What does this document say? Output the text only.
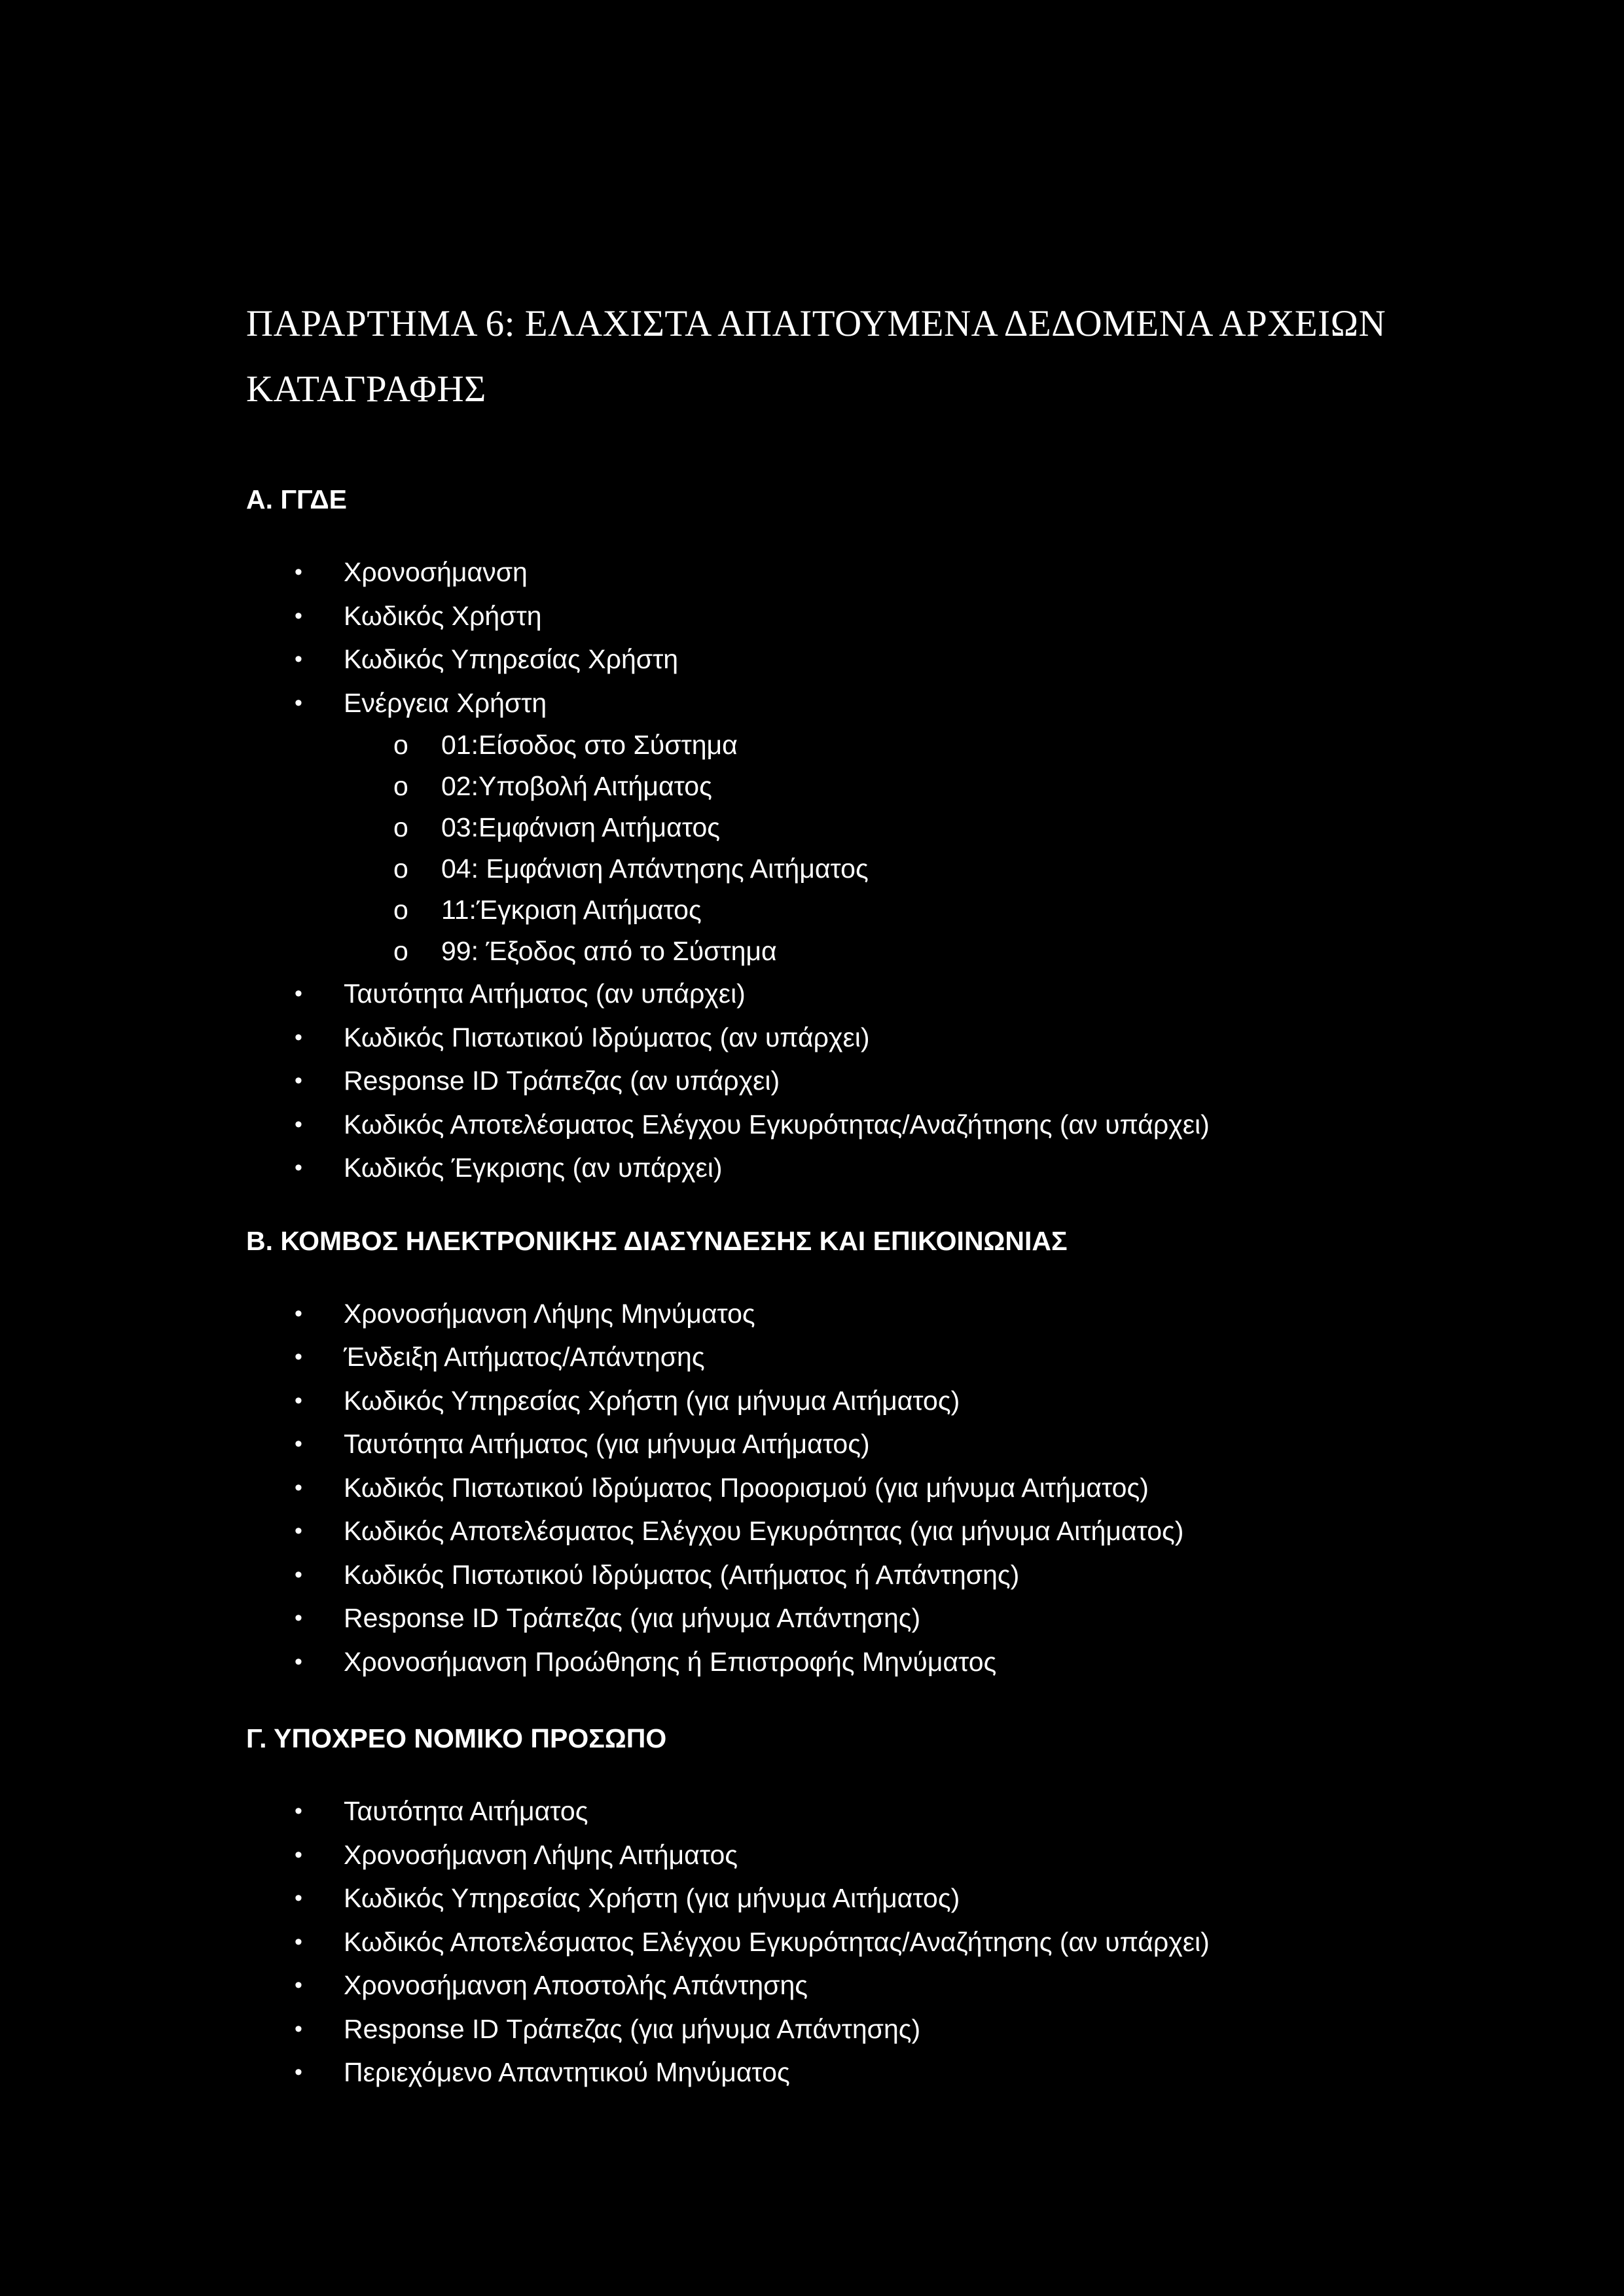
ΠΑΡΑΡΤΗΜΑ 6: ΕΛΑΧΙΣΤΑ ΑΠΑΙΤΟΥΜΕΝΑ ΔΕΔΟΜΕΝΑ ΑΡΧΕΙΩΝ
ΚΑΤΑΓΡΑΦΗΣ
Α. ΓΓΔΕ
• Χρονοσήμανση
• Κωδικός Χρήστη
• Κωδικός Υπηρεσίας Χρήστη
• Ενέργεια Χρήστη
o 01:Είσοδος στο Σύστημα
o 02:Υποβολή Αιτήματος
o 03:Εμφάνιση Αιτήματος
o 04: Εμφάνιση Απάντησης Αιτήματος
o 11:Έγκριση Αιτήματος
o 99: Έξοδος από το Σύστημα
• Ταυτότητα Αιτήματος (αν υπάρχει)
• Κωδικός Πιστωτικού Ιδρύματος (αν υπάρχει)
• Response ID Τράπεζας (αν υπάρχει)
• Κωδικός Αποτελέσματος Ελέγχου Εγκυρότητας/Αναζήτησης (αν υπάρχει)
• Κωδικός Έγκρισης (αν υπάρχει)
Β. ΚΟΜΒΟΣ ΗΛΕΚΤΡΟΝΙΚΗΣ ΔΙΑΣΥΝΔΕΣΗΣ ΚΑΙ ΕΠΙΚΟΙΝΩΝΙΑΣ
• Χρονοσήμανση Λήψης Μηνύματος
• Ένδειξη Αιτήματος/Απάντησης
• Κωδικός Υπηρεσίας Χρήστη (για μήνυμα Αιτήματος)
• Ταυτότητα Αιτήματος (για μήνυμα Αιτήματος)
• Κωδικός Πιστωτικού Ιδρύματος Προορισμού (για μήνυμα Αιτήματος)
• Κωδικός Αποτελέσματος Ελέγχου Εγκυρότητας (για μήνυμα Αιτήματος)
• Κωδικός Πιστωτικού Ιδρύματος (Αιτήματος ή Απάντησης)
• Response ID Τράπεζας (για μήνυμα Απάντησης)
• Χρονοσήμανση Προώθησης ή Επιστροφής Μηνύματος
Γ. ΥΠΟΧΡΕΟ ΝΟΜΙΚΟ ΠΡΟΣΩΠΟ
• Ταυτότητα Αιτήματος
• Χρονοσήμανση Λήψης Αιτήματος
• Κωδικός Υπηρεσίας Χρήστη (για μήνυμα Αιτήματος)
• Κωδικός Αποτελέσματος Ελέγχου Εγκυρότητας/Αναζήτησης (αν υπάρχει)
• Χρονοσήμανση Αποστολής Απάντησης
• Response ID Τράπεζας (για μήνυμα Απάντησης)
• Περιεχόμενο Απαντητικού Μηνύματος
